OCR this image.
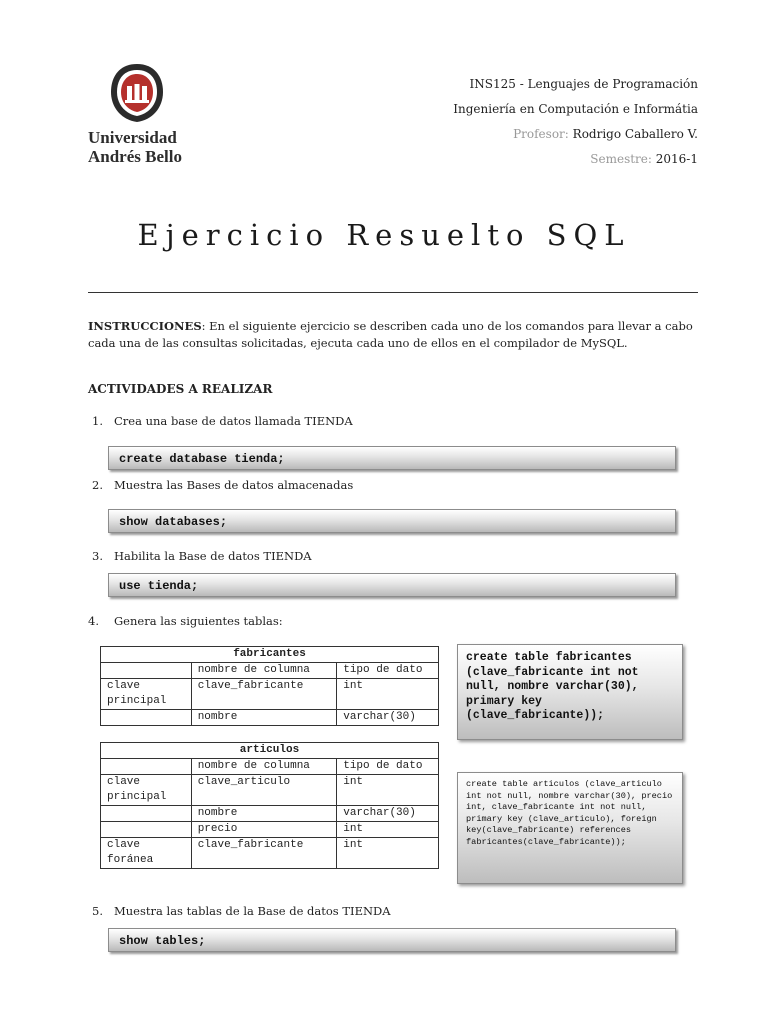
Universidad
Andrés Bello
INS125 - Lenguajes de Programación
Ingeniería en Computación e Informátia
Profesor: Rodrigo Caballero V.
Semestre: 2016-1
Ejercicio Resuelto SQL
INSTRUCCIONES: En el siguiente ejercicio se describen cada uno de los comandos para llevar a cabo cada una de las consultas solicitadas, ejecuta cada uno de ellos en el compilador de MySQL.
ACTIVIDADES A REALIZAR
1. Crea una base de datos llamada TIENDA
create database tienda;
2. Muestra las Bases de datos almacenadas
show databases;
3. Habilita la Base de datos TIENDA
use tienda;
4. Genera las siguientes tablas:
fabricantes		
	nombre de columna	tipo de dato
clave principal	clave_fabricante	int
	nombre	varchar(30)
articulos		
	nombre de columna	tipo de dato
clave principal	clave_articulo	int
	nombre	varchar(30)
	precio	int
clave foránea	clave_fabricante	int
create table fabricantes (clave_fabricante int not null, nombre varchar(30), primary key (clave_fabricante));
create table articulos (clave_articulo int not null, nombre varchar(30), precio int, clave_fabricante int not null, primary key (clave_articulo), foreign key(clave_fabricante) references fabricantes(clave_fabricante));
5. Muestra las tablas de la Base de datos TIENDA
show tables;
